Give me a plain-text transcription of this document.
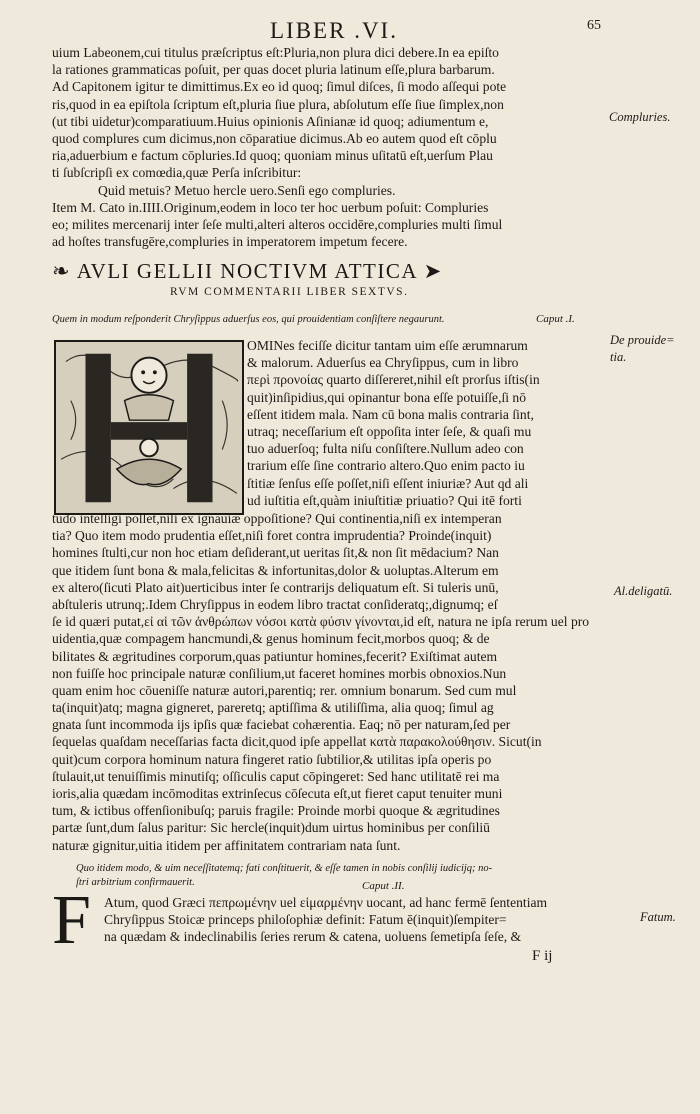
LIBER .VI.	65
uium Labeonem,cui titulus præſcriptus eſt:Pluria,non plura dici debere.In ea epiſto
la rationes grammaticas poſuit, per quas docet pluria latinum eſſe,plura barbarum.
Ad Capitonem igitur te dimittimus.Ex eo id quoq; ſimul diſces, ſi modo aſſequi pote
ris,quod in ea epiſtola ſcriptum eſt,pluria ſiue plura, abſolutum eſſe ſiue ſimplex,non
(ut tibi uidetur)comparatiuum.Huius opinionis Aſinianæ id quoq; adiumentum e,
quod complures cum dicimus,non cōparatiue dicimus.Ab eo autem quod eſt cōplu
ria,aduerbium e factum cōpluries.Id quoq; quoniam minus uſitatū eſt,uerſum Plau
ti ſubſcripſi ex comœdia,quæ Perſa inſcribitur:
Quid metuis? Metuo hercle uero.Senſi ego compluries.
Item M. Cato in.IIII.Originum,eodem in loco ter hoc uerbum poſuit: Compluries
eo; milites mercenarij inter ſeſe multi,alteri alteros occidēre,compluries multi ſimul
ad hoſtes transfugēre,compluries in imperatorem impetum fecere.
❧ AVLI GELLII NOCTIVM ATTICA ➤
RVM COMMENTARII LIBER SEXTVS.
Quem in modum reſponderit Chryſippus aduerſus eos, qui prouidentiam conſiſtere negaurunt.	Caput .I.
OMINes feciſſe dicitur tantam uim eſſe ærumnarum
& malorum. Aduerſus ea Chryſippus, cum in libro
περὶ προνοίας quarto diſſereret,nihil eſt prorſus iſtis(in
quit)inſipidius,qui opinantur bona eſſe potuiſſe,ſi nō
eſſent itidem mala. Nam cū bona malis contraria ſint,
utraq; neceſſarium eſt oppoſita inter ſeſe, & quaſi mu
tuo aduerſoq; fulta niſu conſiſtere.Nullum adeo con
trarium eſſe ſine contrario altero.Quo enim pacto iu
ſtitiæ ſenſus eſſe poſſet,niſi eſſent iniuriæ? Aut qd ali
ud iuſtitia eſt,quàm iniuſtitiæ priuatio? Qui itē forti
tudo intelligi poſſet,niſi ex ignauiæ oppoſitione? Qui continentia,niſi ex intemperan
tia? Quo item modo prudentia eſſet,niſi foret contra imprudentia? Proinde(inquit)
homines ſtulti,cur non hoc etiam deſiderant,ut ueritas ſit,& non ſit mēdacium? Nan
que itidem ſunt bona & mala,felicitas & infortunitas,dolor & uoluptas.Alterum em
ex altero(ſicuti Plato ait)uerticibus inter ſe contrarijs deliquatum eſt. Si tuleris unū,
abſtuleris utrunq;.Idem Chryſippus in eodem libro tractat conſideratq;,dignumq; eſ
ſe id quæri putat,εἰ αἱ τῶν ἀνθρώπων νόσοι κατὰ φύσιν γίνονται,id eſt, natura ne ipſa rerum uel pro
uidentia,quæ compagem hancmundi,& genus hominum fecit,morbos quoq; & de
bilitates & ægritudines corporum,quas patiuntur homines,fecerit? Exiſtimat autem
non fuiſſe hoc principale naturæ conſilium,ut faceret homines morbis obnoxios.Nun
quam enim hoc cōueniſſe naturæ autori,parentiq; rer. omnium bonarum. Sed cum mul
ta(inquit)atq; magna gigneret, pareretq; aptiſſima & utiliſſima, alia quoq; ſimul ag
gnata ſunt incommoda ijs ipſis quæ faciebat cohærentia. Eaq; nō per naturam,ſed per
ſequelas quaſdam neceſſarias facta dicit,quod ipſe appellat κατὰ παρακολούθησιν. Sicut(in
quit)cum corpora hominum natura fingeret ratio ſubtilior,& utilitas ipſa operis po
ſtulauit,ut tenuiſſimis minutiſq; oſſiculis caput cōpingeret: Sed hanc utilitatē rei ma
ioris,alia quædam incōmoditas extrinſecus cōſecuta eſt,ut fieret caput tenuiter muni
tum, & ictibus offenſionibuſq; paruis fragile: Proinde morbi quoque & ægritudines
partæ ſunt,dum ſalus paritur: Sic hercle(inquit)dum uirtus hominibus per conſiliū
naturæ gignitur,uitia itidem per affinitatem contrariam nata ſunt.
Quo itidem modo, & uim neceſſitatemq; fati conſtituerit, & eſſe tamen in nobis conſilij iudicijq; no-
ſtri arbitrium confirmauerit.	Caput .II.
F Atum, quod Græci πεπρωμένην uel εἱμαρμένην uocant, ad hanc fermē ſententiam
Chryſippus Stoicæ princeps philoſophiæ definit: Fatum ē(inquit)ſempiter=
na quædam & indeclinabilis ſeries rerum & catena, uoluens ſemetipſa ſeſe, &
Compluries.
De prouide=
tia.
Al.deligatū.
Fatum.
F ij
